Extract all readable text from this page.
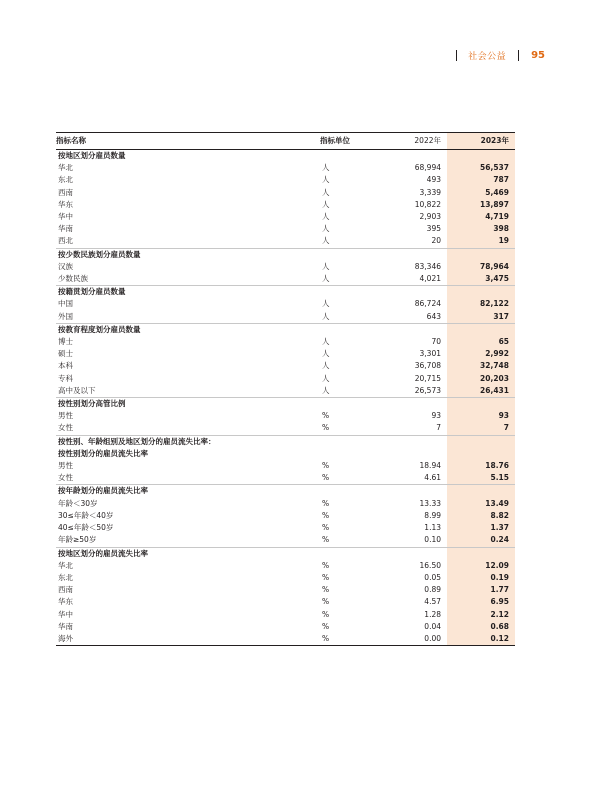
社会公益	95
指标名称	指标单位	2022年	2023年
按地区划分雇员数量			
华北	人	68,994	56,537
东北	人	493	787
西南	人	3,339	5,469
华东	人	10,822	13,897
华中	人	2,903	4,719
华南	人	395	398
西北	人	20	19
按少数民族划分雇员数量			
汉族	人	83,346	78,964
少数民族	人	4,021	3,475
按籍贯划分雇员数量			
中国	人	86,724	82,122
外国	人	643	317
按教育程度划分雇员数量			
博士	人	70	65
硕士	人	3,301	2,992
本科	人	36,708	32,748
专科	人	20,715	20,203
高中及以下	人	26,573	26,431
按性别划分高管比例			
男性	%	93	93
女性	%	7	7
按性别、年龄组别及地区划分的雇员流失比率：			
按性别划分的雇员流失比率			
男性	%	18.94	18.76
女性	%	4.61	5.15
按年龄划分的雇员流失比率			
年龄＜30岁	%	13.33	13.49
30≤年龄＜40岁	%	8.99	8.82
40≤年龄＜50岁	%	1.13	1.37
年龄≥50岁	%	0.10	0.24
按地区划分的雇员流失比率			
华北	%	16.50	12.09
东北	%	0.05	0.19
西南	%	0.89	1.77
华东	%	4.57	6.95
华中	%	1.28	2.12
华南	%	0.04	0.68
海外	%	0.00	0.12
